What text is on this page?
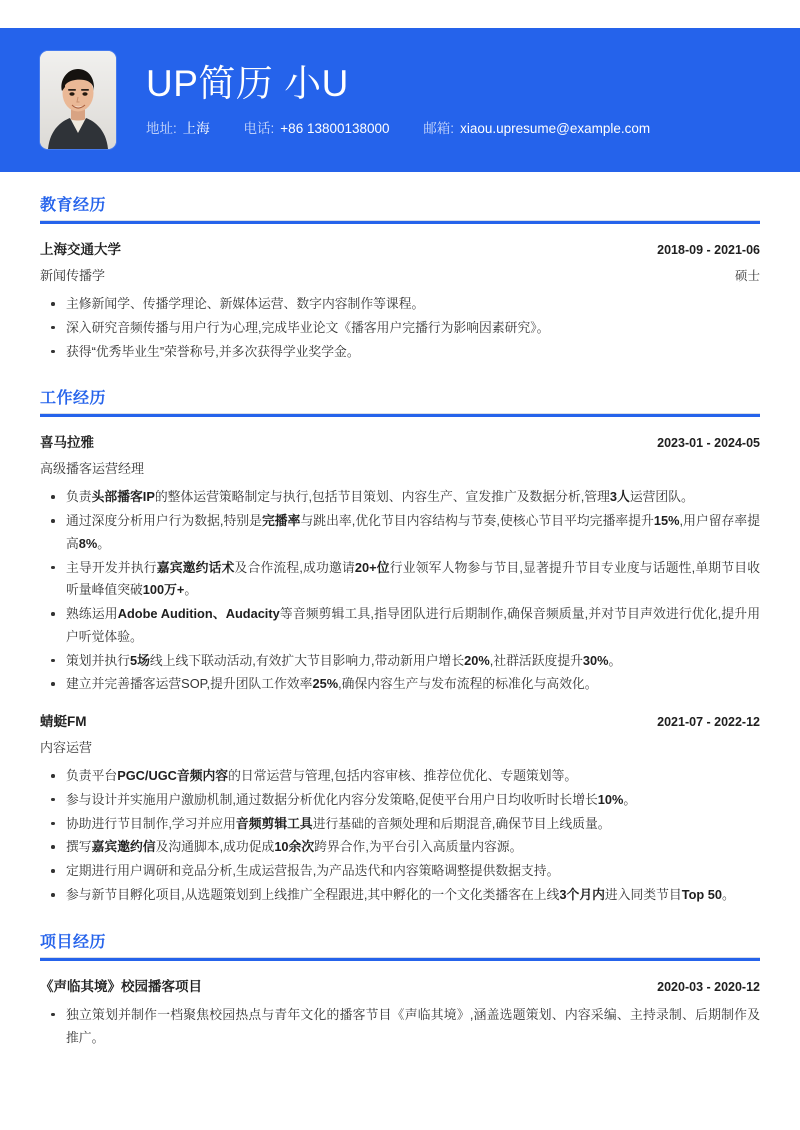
UP简历 小U
地址: 上海	电话: +86 13800138000	邮箱: xiaou.upresume@example.com
教育经历
上海交通大学	2018-09 - 2021-06
新闻传播学	硕士
主修新闻学、传播学理论、新媒体运营、数字内容制作等课程。
深入研究音频传播与用户行为心理,完成毕业论文《播客用户完播行为影响因素研究》。
获得“优秀毕业生”荣誉称号,并多次获得学业奖学金。
工作经历
喜马拉雅	2023-01 - 2024-05
高级播客运营经理
负责头部播客IP的整体运营策略制定与执行,包括节目策划、内容生产、宣发推广及数据分析,管理3人运营团队。
通过深度分析用户行为数据,特别是完播率与跳出率,优化节目内容结构与节奏,使核心节目平均完播率提升15%,用户留存率提高8%。
主导开发并执行嘉宾邀约话术及合作流程,成功邀请20+位行业领军人物参与节目,显著提升节目专业度与话题性,单期节目收听量峰值突破100万+。
熟练运用Adobe Audition、Audacity等音频剪辑工具,指导团队进行后期制作,确保音频质量,并对节目声效进行优化,提升用户听觉体验。
策划并执行5场线上线下联动活动,有效扩大节目影响力,带动新用户增长20%,社群活跃度提升30%。
建立并完善播客运营SOP,提升团队工作效率25%,确保内容生产与发布流程的标准化与高效化。
蜻蜓FM	2021-07 - 2022-12
内容运营
负责平台PGC/UGC音频内容的日常运营与管理,包括内容审核、推荐位优化、专题策划等。
参与设计并实施用户激励机制,通过数据分析优化内容分发策略,促使平台用户日均收听时长增长10%。
协助进行节目制作,学习并应用音频剪辑工具进行基础的音频处理和后期混音,确保节目上线质量。
撰写嘉宾邀约信及沟通脚本,成功促成10余次跨界合作,为平台引入高质量内容源。
定期进行用户调研和竞品分析,生成运营报告,为产品迭代和内容策略调整提供数据支持。
参与新节目孵化项目,从选题策划到上线推广全程跟进,其中孵化的一个文化类播客在上线3个月内进入同类节目Top 50。
项目经历
《声临其境》校园播客项目	2020-03 - 2020-12
独立策划并制作一档聚焦校园热点与青年文化的播客节目《声临其境》,涵盖选题策划、内容采编、主持录制、后期制作及推广。
